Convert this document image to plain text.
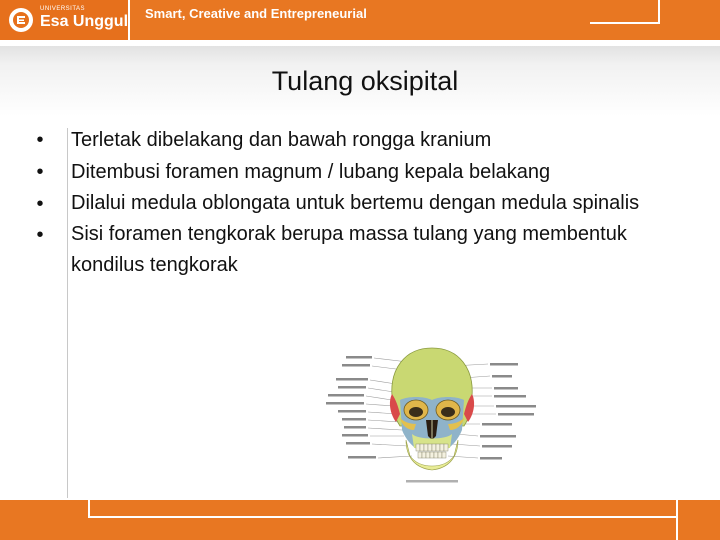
UNIVERSITAS
Esa Unggul Smart, Creative and Entrepreneurial
Tulang oksipital
•	Terletak dibelakang dan bawah rongga kranium
•	Ditembusi foramen magnum / lubang kepala belakang
•	Dilalui medula oblongata untuk bertemu dengan medula spinalis
•	Sisi foramen tengkorak berupa massa tulang yang membentuk kondilus tengkorak
